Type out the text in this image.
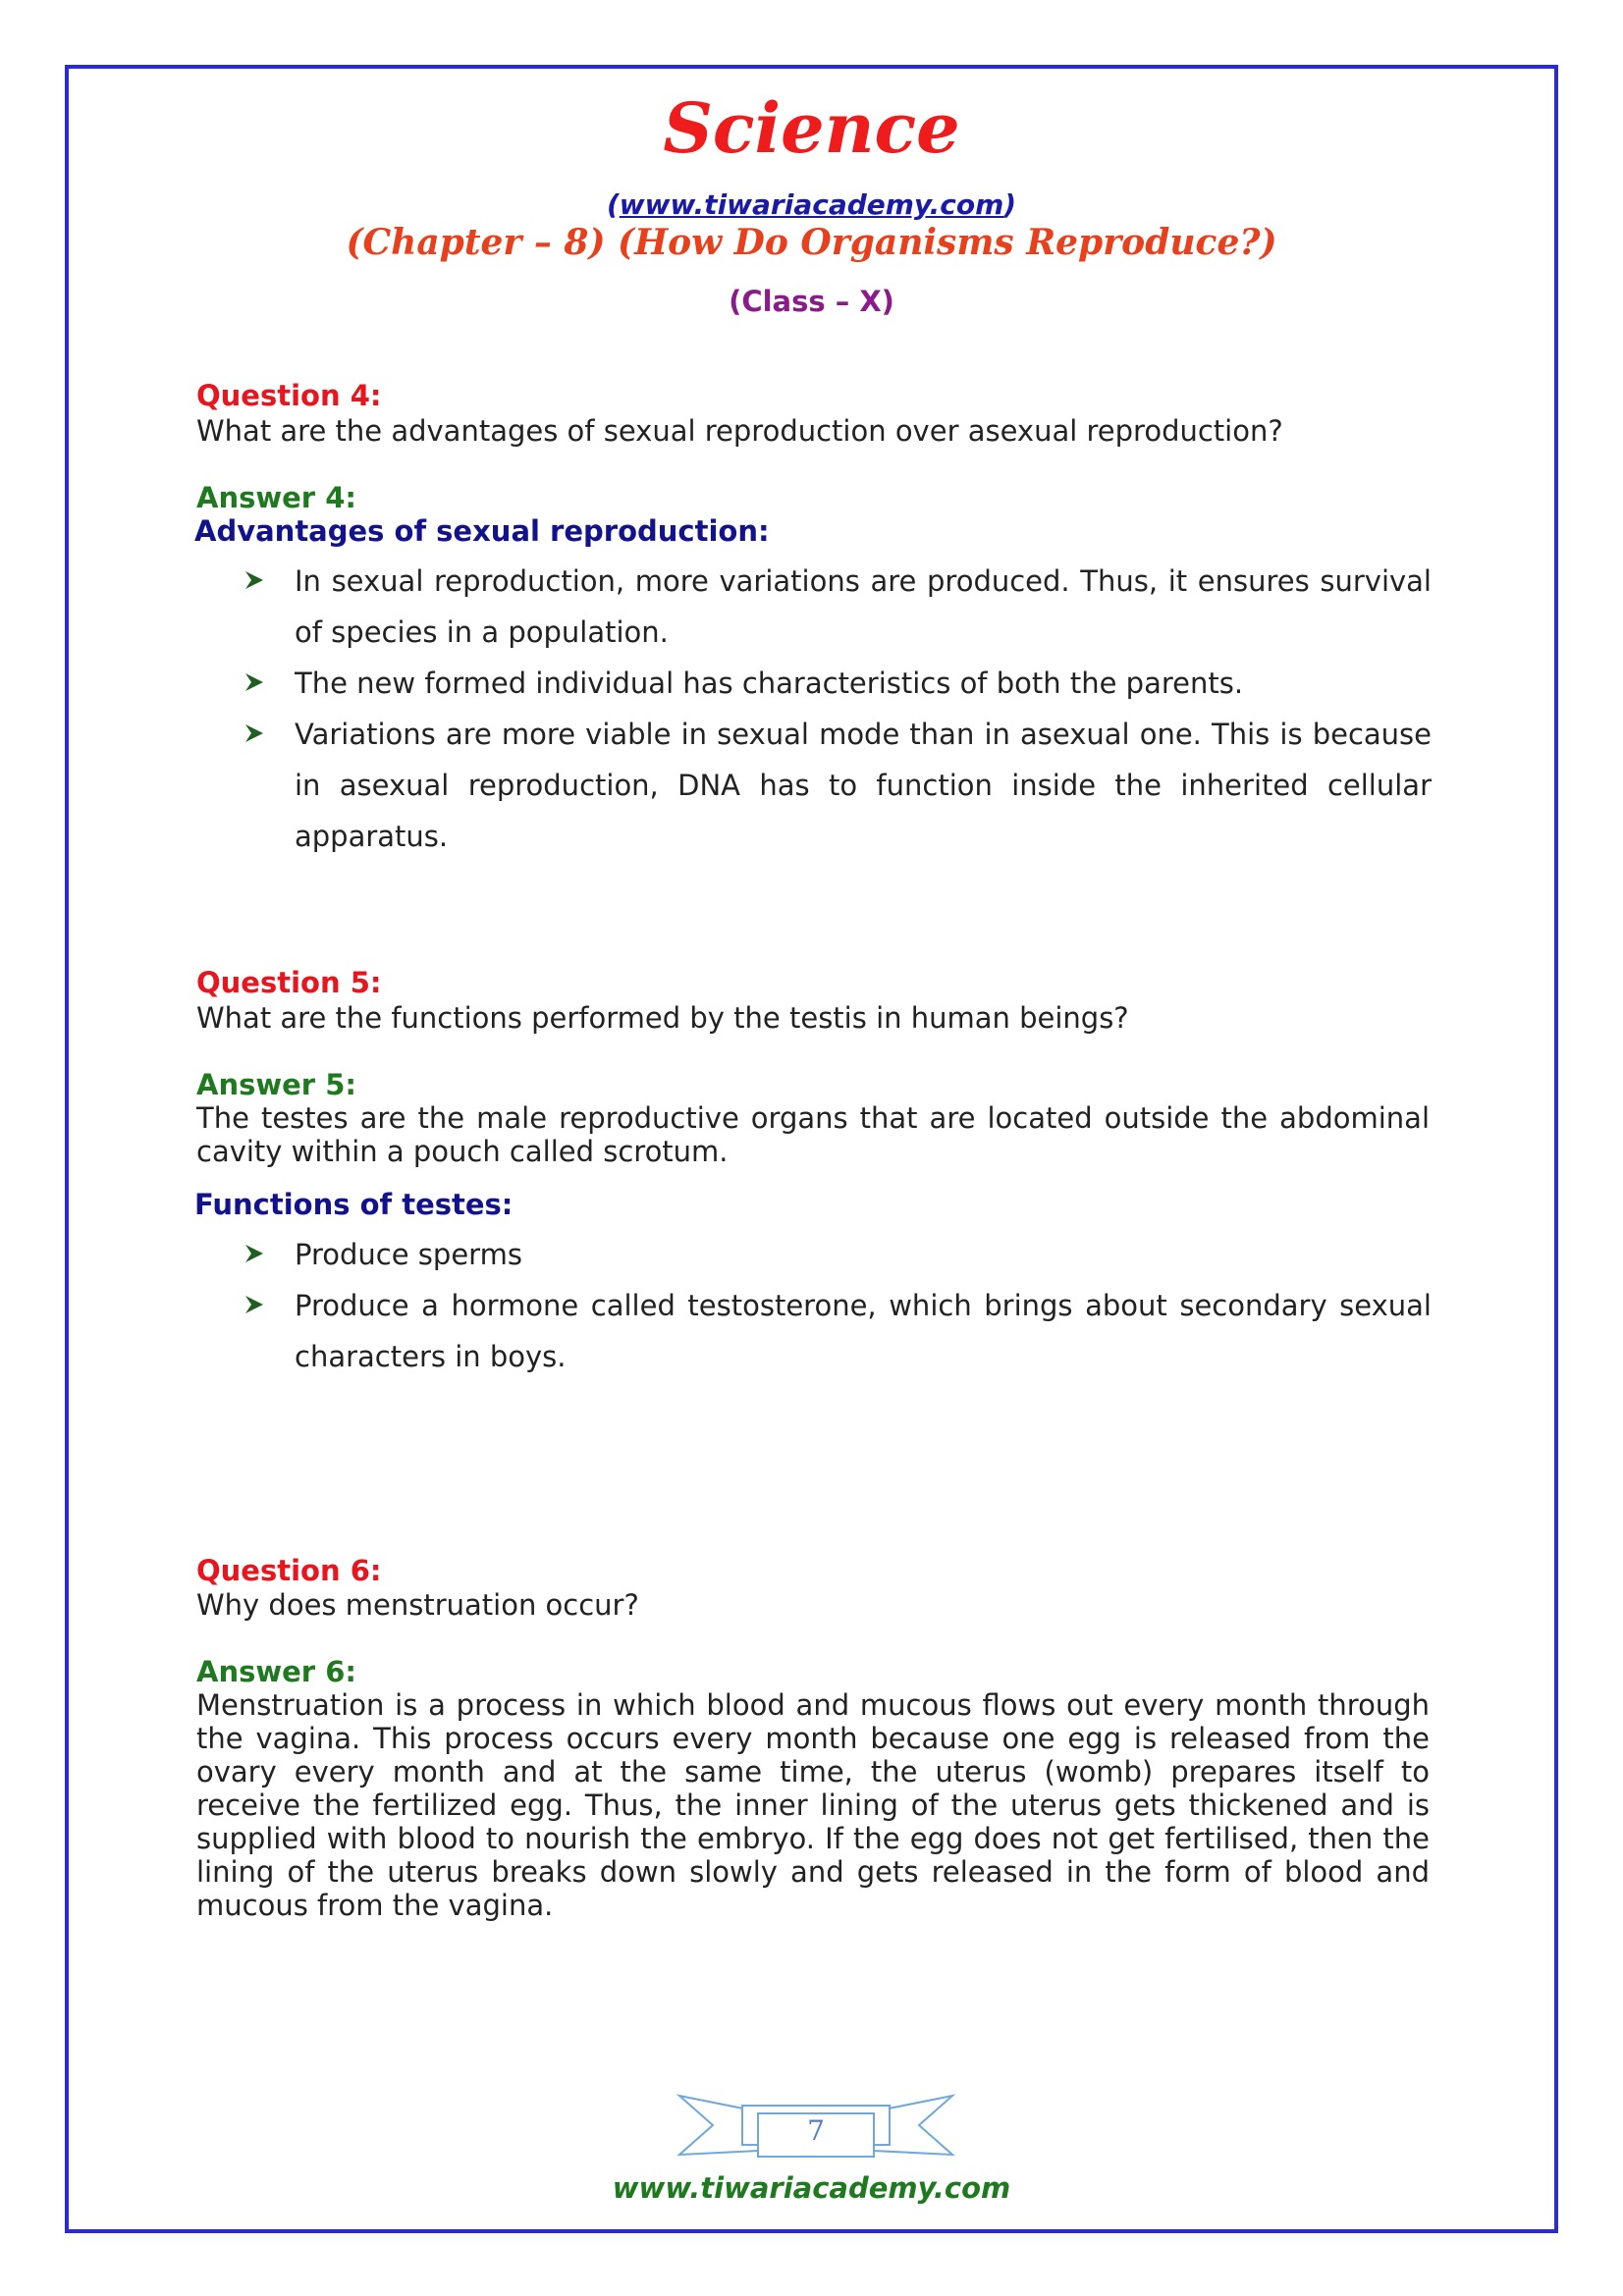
Science
(www.tiwariacademy.com)
(Chapter – 8) (How Do Organisms Reproduce?)
(Class – X)
Question 4:
What are the advantages of sexual reproduction over asexual reproduction?
Answer 4:
Advantages of sexual reproduction:
In sexual reproduction, more variations are produced. Thus, it ensures survival of species in a population.
The new formed individual has characteristics of both the parents.
Variations are more viable in sexual mode than in asexual one. This is because in asexual reproduction, DNA has to function inside the inherited cellular apparatus.
Question 5:
What are the functions performed by the testis in human beings?
Answer 5:
The testes are the male reproductive organs that are located outside the abdominal cavity within a pouch called scrotum.
Functions of testes:
Produce sperms
Produce a hormone called testosterone, which brings about secondary sexual characters in boys.
Question 6:
Why does menstruation occur?
Answer 6:
Menstruation is a process in which blood and mucous flows out every month through the vagina. This process occurs every month because one egg is released from the ovary every month and at the same time, the uterus (womb) prepares itself to receive the fertilized egg. Thus, the inner lining of the uterus gets thickened and is supplied with blood to nourish the embryo. If the egg does not get fertilised, then the lining of the uterus breaks down slowly and gets released in the form of blood and mucous from the vagina.
7
www.tiwariacademy.com
